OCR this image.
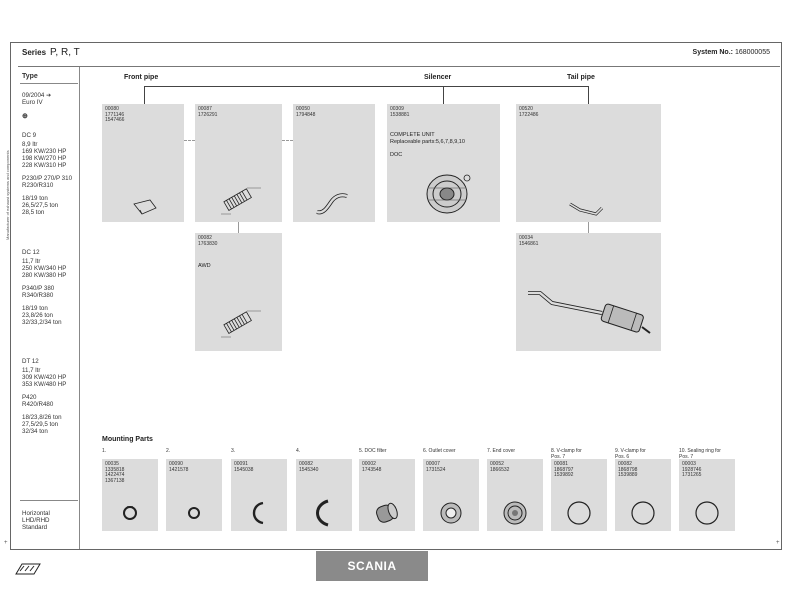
Series P, R, T	System No.: 168000055
Manufacturer of exhaust systems and components
Type
09/2004 ➔
Euro IV
⊕
DC 9
8,9 ltr
169 KW/230 HP
198 KW/270 HP
228 KW/310 HP
P230/P 270/P 310
R230/R310
18/19 ton
26,5/27,5 ton
28,5 ton
DC 12
11,7 ltr
250 KW/340 HP
280 KW/380 HP
P340/P 380
R340/R380
18/19 ton
23,8/26 ton
32/33,2/34 ton
DT 12
11,7 ltr
309 KW/420 HP
353 KW/480 HP
P420
R420/R480
18/23,8/26 ton
27,5/29,5 ton
32/34 ton
Horizontal
LHD/RHD
Standard
Front pipe	Silencer	Tail pipe
00080
1771146
1547466
00087
1726291
00050
1794848
00309
1538881
COMPLETE UNIT
Replaceable parts:5,6,7,8,9,10

DOC
00520
1722486
00082
1763830
AWD
00034
1546861
Mounting Parts
1.
00035
1335818
1422474
1367138
2.
00090
1421578
3.
00091
1545038
4.
00082
1545340
5. DOC filter
00002
1743548
6. Outlet cover
00007
1731524
7. End cover
00052
1866532
8. V-clamp for
Pos. 7
00081
1868797
1539892
9. V-clamp for
Pos. 6
00082
1868798
1539889
10. Sealing ring for
Pos. 7
00003
1928746
1731265
+	+
SCANIA
